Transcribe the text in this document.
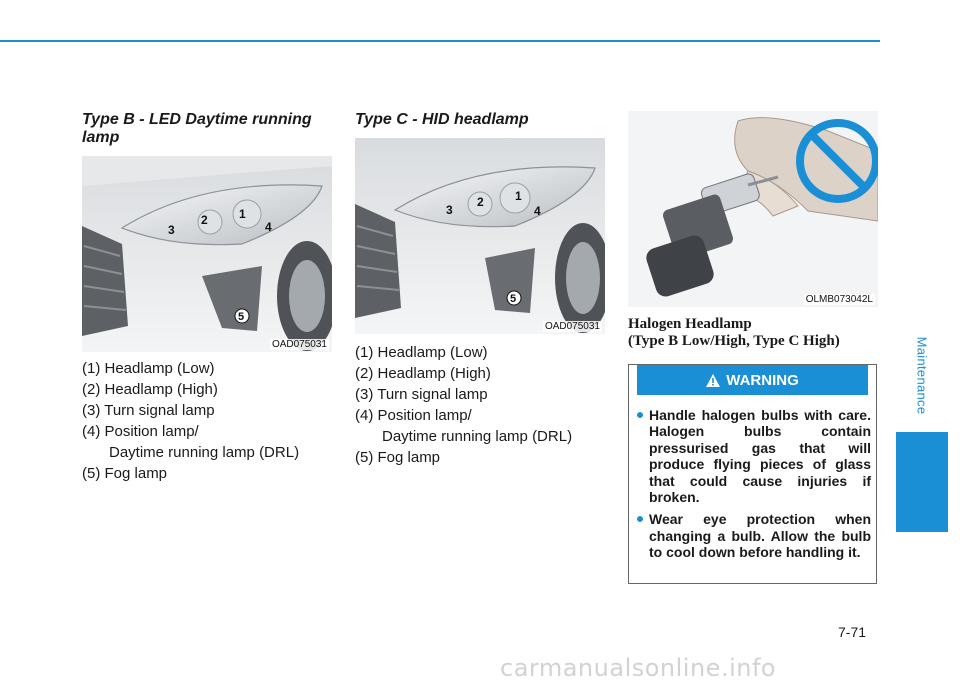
Type B - LED Daytime running lamp
1
2
3	4
5
OAD075031
(1) Headlamp (Low)
(2) Headlamp (High)
(3) Turn signal lamp
(4) Position lamp/
Daytime running lamp (DRL)
(5) Fog lamp
Type C - HID headlamp
1
2
3	4
5
OAD075031
(1) Headlamp (Low)
(2) Headlamp (High)
(3) Turn signal lamp
(4) Position lamp/
Daytime running lamp (DRL)
(5) Fog lamp
OLMB073042L
Halogen Headlamp
(Type B Low/High, Type C High)
WARNING
Handle halogen bulbs with care. Halogen bulbs contain pressurised gas that will produce flying pieces of glass that could cause injuries if broken.
Wear eye protection when changing a bulb. Allow the bulb to cool down before handling it.
Maintenance
7-71
carmanualsonline.info
